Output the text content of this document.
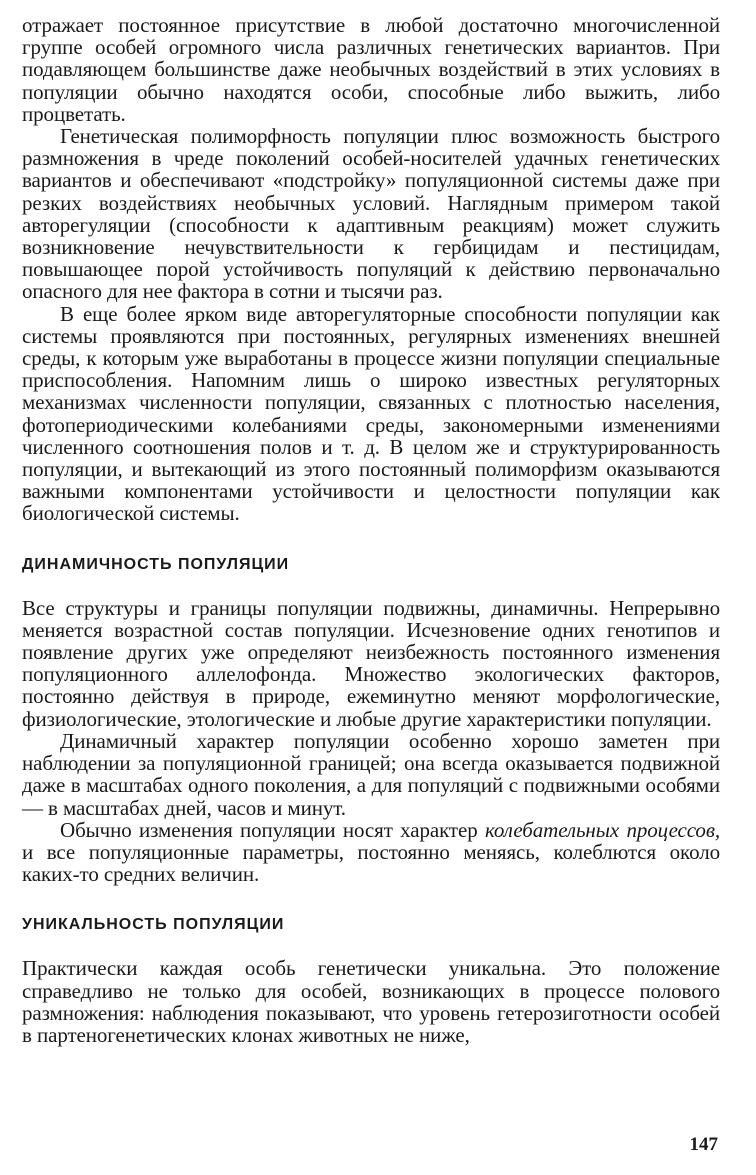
отражает постоянное присутствие в любой достаточно многочисленной группе особей огромного числа различных генетических вариантов. При подавляющем большинстве даже необычных воздействий в этих условиях в популяции обычно находятся особи, способные либо выжить, либо процветать.

Генетическая полиморфность популяции плюс возможность быстрого размножения в чреде поколений особей-носителей удачных генетических вариантов и обеспечивают «подстройку» популяционной системы даже при резких воздействиях необычных условий. Наглядным примером такой авторегуляции (способности к адаптивным реакциям) может служить возникновение нечувствительности к гербицидам и пестицидам, повышающее порой устойчивость популяций к действию первоначально опасного для нее фактора в сотни и тысячи раз.

В еще более ярком виде авторегуляторные способности популяции как системы проявляются при постоянных, регулярных изменениях внешней среды, к которым уже выработаны в процессе жизни популяции специальные приспособления. Напомним лишь о широко известных регуляторных механизмах численности популяции, связанных с плотностью населения, фотопериодическими колебаниями среды, закономерными изменениями численного соотношения полов и т. д. В целом же и структурированность популяции, и вытекающий из этого постоянный полиморфизм оказываются важными компонентами устойчивости и целостности популяции как биологической системы.

ДИНАМИЧНОСТЬ ПОПУЛЯЦИИ

Все структуры и границы популяции подвижны, динамичны. Непрерывно меняется возрастной состав популяции. Исчезновение одних генотипов и появление других уже определяют неизбежность постоянного изменения популяционного аллелофонда. Множество экологических факторов, постоянно действуя в природе, ежеминутно меняют морфологические, физиологические, этологические и любые другие характеристики популяции.

Динамичный характер популяции особенно хорошо заметен при наблюдении за популяционной границей; она всегда оказывается подвижной даже в масштабах одного поколения, а для популяций с подвижными особями — в масштабах дней, часов и минут.

Обычно изменения популяции носят характер колебательных процессов, и все популяционные параметры, постоянно меняясь, колеблются около каких-то средних величин.

УНИКАЛЬНОСТЬ ПОПУЛЯЦИИ

Практически каждая особь генетически уникальна. Это положение справедливо не только для особей, возникающих в процессе полового размножения: наблюдения показывают, что уровень гетерозиготности особей в партеногенетических клонах животных не ниже,

147
